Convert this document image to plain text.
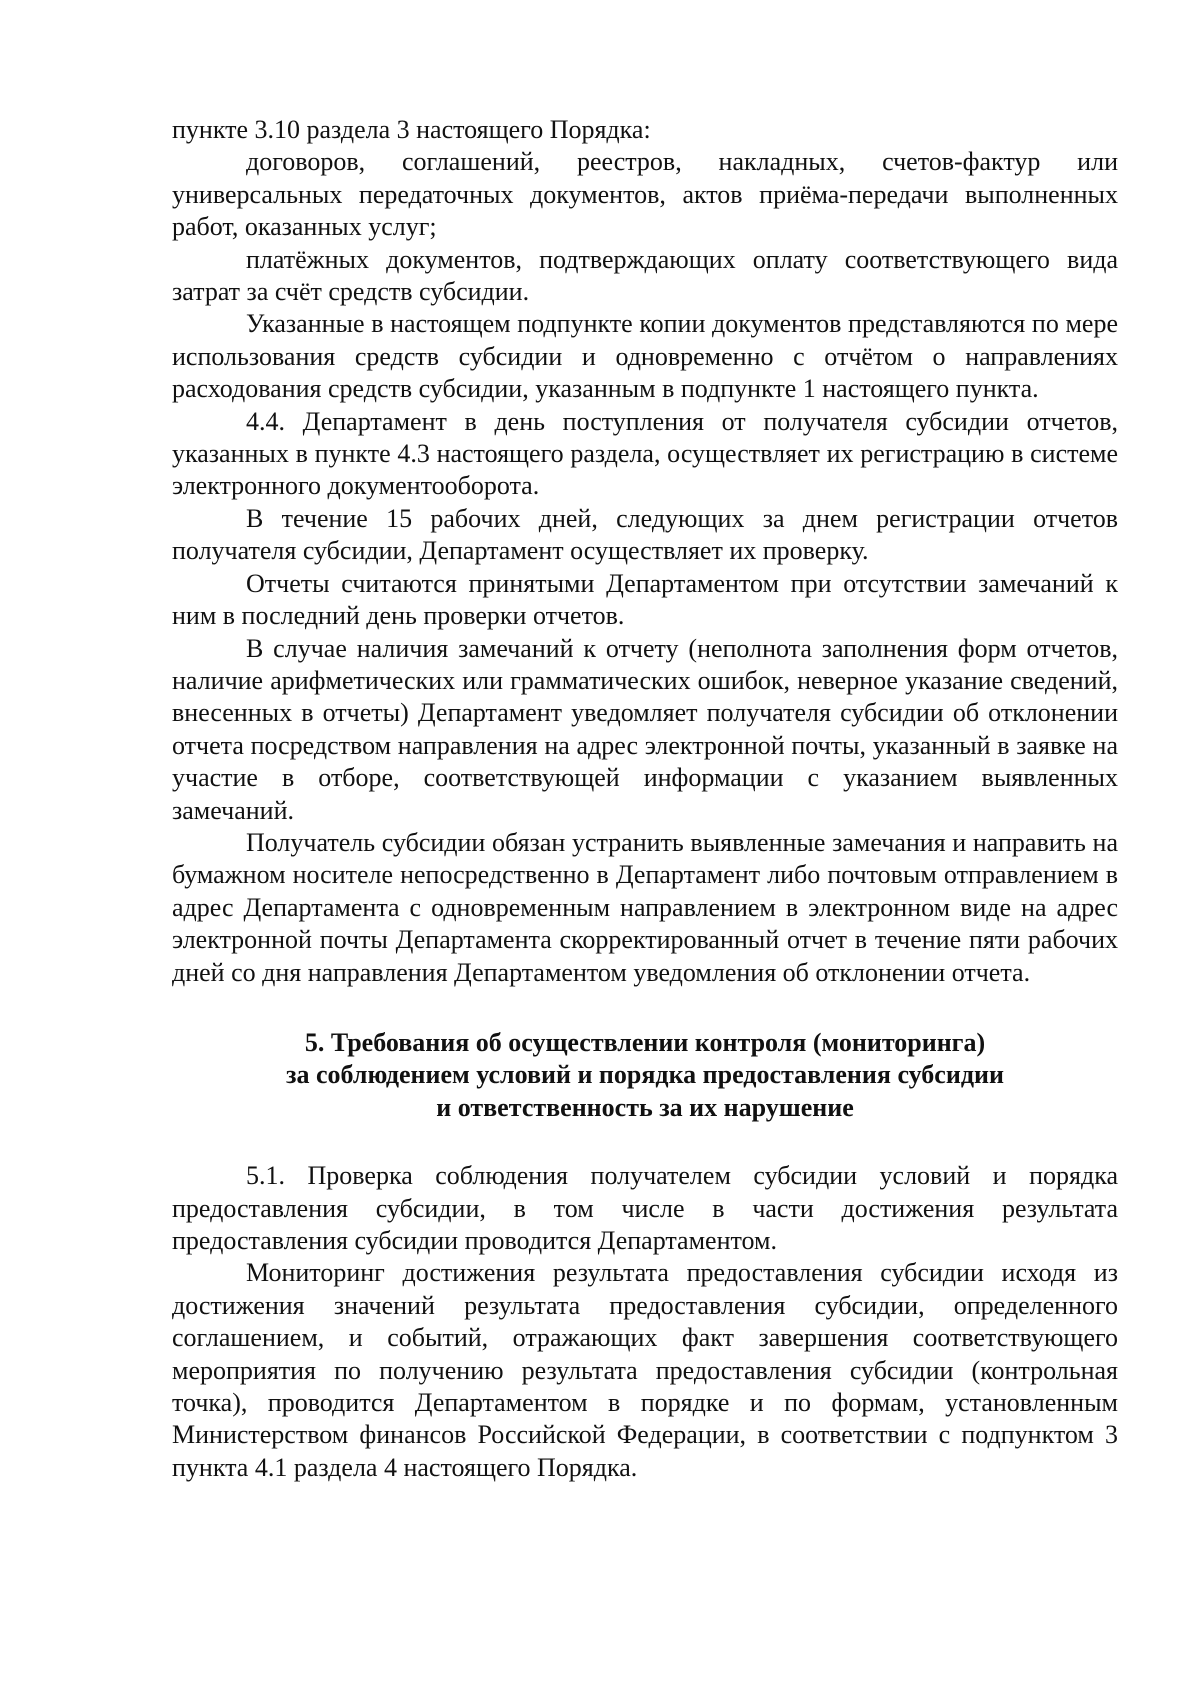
пункте 3.10 раздела 3 настоящего Порядка:

договоров, соглашений, реестров, накладных, счетов-фактур или универсальных передаточных документов, актов приёма-передачи выполненных работ, оказанных услуг;

платёжных документов, подтверждающих оплату соответствующего вида затрат за счёт средств субсидии.

Указанные в настоящем подпункте копии документов представляются по мере использования средств субсидии и одновременно с отчётом о направлениях расходования средств субсидии, указанным в подпункте 1 настоящего пункта.

4.4. Департамент в день поступления от получателя субсидии отчетов, указанных в пункте 4.3 настоящего раздела, осуществляет их регистрацию в системе электронного документооборота.

В течение 15 рабочих дней, следующих за днем регистрации отчетов получателя субсидии, Департамент осуществляет их проверку.

Отчеты считаются принятыми Департаментом при отсутствии замечаний к ним в последний день проверки отчетов.

В случае наличия замечаний к отчету (неполнота заполнения форм отчетов, наличие арифметических или грамматических ошибок, неверное указание сведений, внесенных в отчеты) Департамент уведомляет получателя субсидии об отклонении отчета посредством направления на адрес электронной почты, указанный в заявке на участие в отборе, соответствующей информации с указанием выявленных замечаний.

Получатель субсидии обязан устранить выявленные замечания и направить на бумажном носителе непосредственно в Департамент либо почтовым отправлением в адрес Департамента с одновременным направлением в электронном виде на адрес электронной почты Департамента скорректированный отчет в течение пяти рабочих дней со дня направления Департаментом уведомления об отклонении отчета.

5. Требования об осуществлении контроля (мониторинга)
за соблюдением условий и порядка предоставления субсидии
и ответственность за их нарушение

5.1. Проверка соблюдения получателем субсидии условий и порядка предоставления субсидии, в том числе в части достижения результата предоставления субсидии проводится Департаментом.

Мониторинг достижения результата предоставления субсидии исходя из достижения значений результата предоставления субсидии, определенного соглашением, и событий, отражающих факт завершения соответствующего мероприятия по получению результата предоставления субсидии (контрольная точка), проводится Департаментом в порядке и по формам, установленным Министерством финансов Российской Федерации, в соответствии с подпунктом 3 пункта 4.1 раздела 4 настоящего Порядка.
